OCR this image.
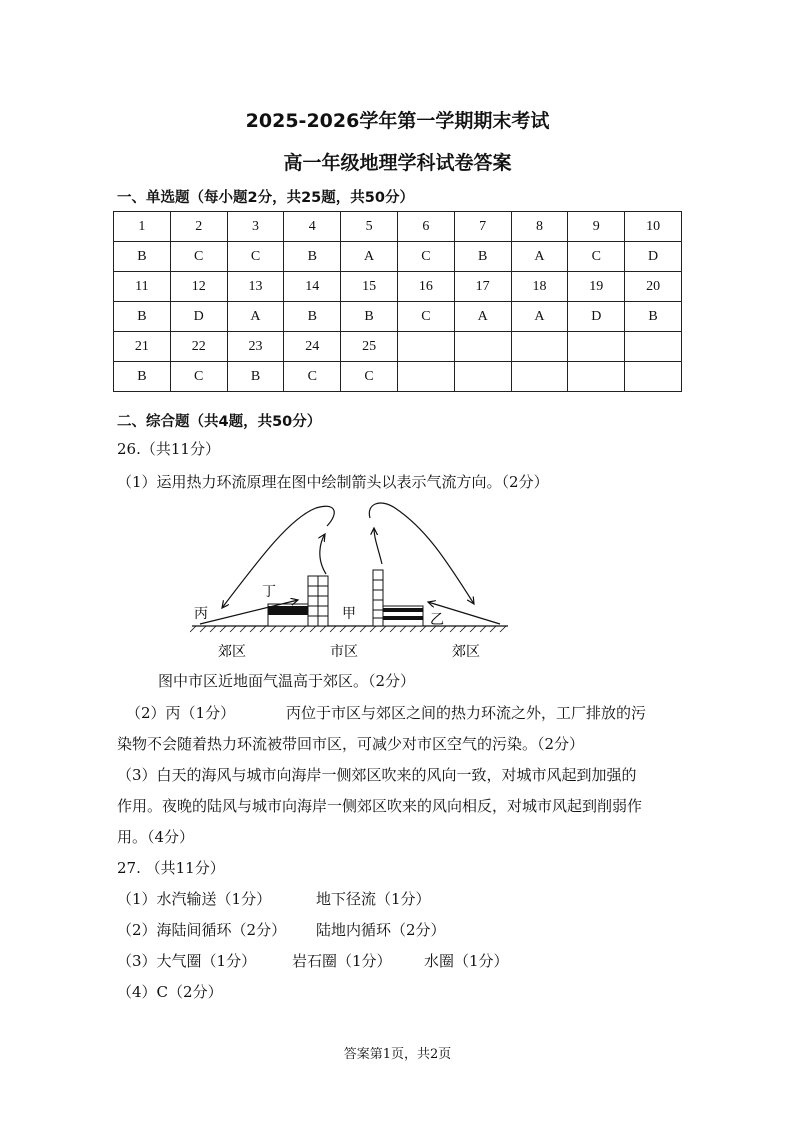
2025-2026学年第一学期期末考试
高一年级地理学科试卷答案
一、单选题（每小题2分，共25题，共50分）
1	2	3	4	5	6	7	8	9	10
B	C	C	B	A	C	B	A	C	D
11	12	13	14	15	16	17	18	19	20
B	D	A	B	B	C	A	A	D	B
21	22	23	24	25					
B	C	B	C	C					
二、综合题（共4题，共50分）
26.（共11分）
（1）运用热力环流原理在图中绘制箭头以表示气流方向。（2分）
丙
丁
甲	乙
郊区	市区	郊区
图中市区近地面气温高于郊区。（2分）
（2）丙（1分）	丙位于市区与郊区之间的热力环流之外，工厂排放的污
染物不会随着热力环流被带回市区，可减少对市区空气的污染。（2分）
（3）白天的海风与城市向海岸一侧郊区吹来的风向一致，对城市风起到加强的
作用。夜晚的陆风与城市向海岸一侧郊区吹来的风向相反，对城市风起到削弱作
用。（4分）
27. （共11分）
（1）水汽输送（1分）	地下径流（1分）
（2）海陆间循环（2分） 陆地内循环（2分）
（3）大气圈（1分） 岩石圈（1分） 水圈（1分）
（4）C（2分）
答案第1页，共2页
